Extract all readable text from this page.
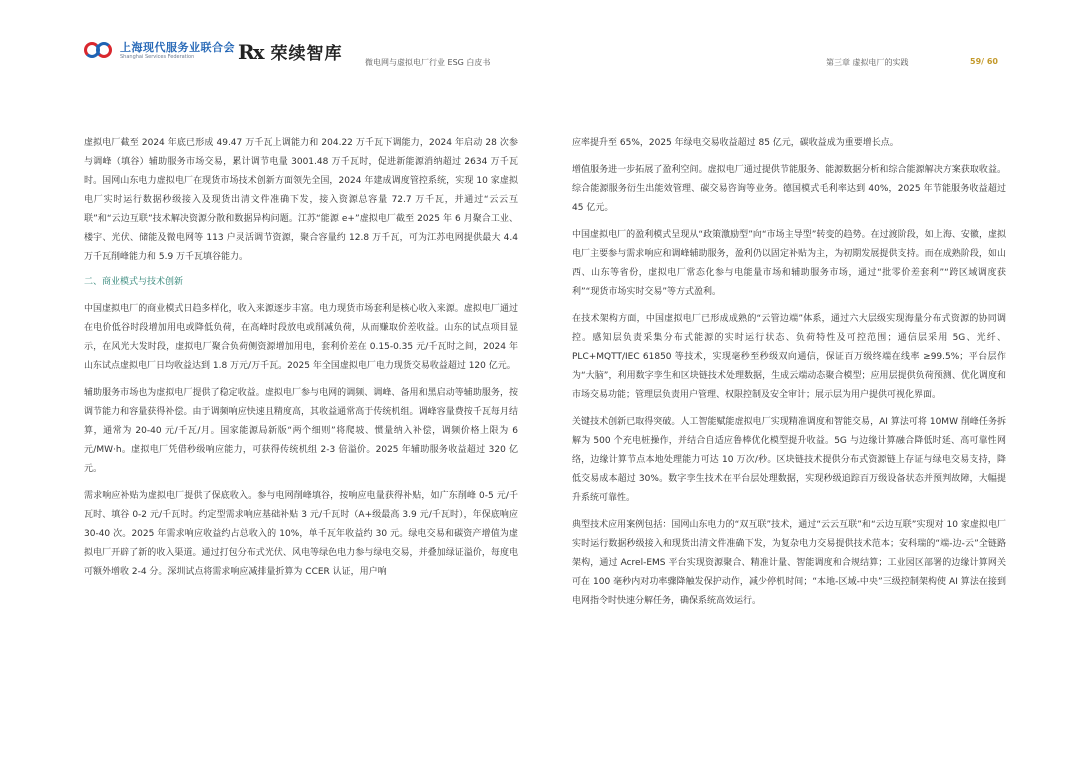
上海现代服务业联合会
Shanghai Services Federation	Rx 荣续智库	微电网与虚拟电厂行业 ESG 白皮书	第三章 虚拟电厂的实践	59/ 60

虚拟电厂截至 2024 年底已形成 49.47 万千瓦上调能力和 204.22 万千瓦下调能力，2024 年启动 28 次参与调峰（填谷）辅助服务市场交易，累计调节电量 3001.48 万千瓦时，促进新能源消纳超过 2634 万千瓦时。国网山东电力虚拟电厂在现货市场技术创新方面领先全国，2024 年建成调度管控系统，实现 10 家虚拟电厂实时运行数据秒级接入及现货出清文件准确下发，接入资源总容量 72.7 万千瓦，并通过“云云互联”和“云边互联”技术解决资源分散和数据异构问题。江苏“能源 e+”虚拟电厂截至 2025 年 6 月聚合工业、楼宇、光伏、储能及微电网等 113 户灵活调节资源，聚合容量约 12.8 万千瓦，可为江苏电网提供最大 4.4 万千瓦削峰能力和 5.9 万千瓦填谷能力。

二、商业模式与技术创新

中国虚拟电厂的商业模式日趋多样化，收入来源逐步丰富。电力现货市场套利是核心收入来源。虚拟电厂通过在电价低谷时段增加用电或降低负荷，在高峰时段放电或削减负荷，从而赚取价差收益。山东的试点项目显示，在风光大发时段，虚拟电厂聚合负荷侧资源增加用电，套利价差在 0.15-0.35 元/千瓦时之间，2024 年山东试点虚拟电厂日均收益达到 1.8 万元/万千瓦。2025 年全国虚拟电厂电力现货交易收益超过 120 亿元。

辅助服务市场也为虚拟电厂提供了稳定收益。虚拟电厂参与电网的调频、调峰、备用和黑启动等辅助服务，按调节能力和容量获得补偿。由于调频响应快速且精度高，其收益通常高于传统机组。调峰容量费按千瓦每月结算，通常为 20-40 元/千瓦/月。国家能源局新版“两个细则”将爬坡、惯量纳入补偿，调频价格上限为 6 元/MW·h。虚拟电厂凭借秒级响应能力，可获得传统机组 2-3 倍溢价。2025 年辅助服务收益超过 320 亿元。

需求响应补贴为虚拟电厂提供了保底收入。参与电网削峰填谷，按响应电量获得补贴，如广东削峰 0-5 元/千瓦时、填谷 0-2 元/千瓦时。约定型需求响应基础补贴 3 元/千瓦时（A+级最高 3.9 元/千瓦时），年保底响应 30-40 次。2025 年需求响应收益约占总收入的 10%，单千瓦年收益约 30 元。绿电交易和碳资产增值为虚拟电厂开辟了新的收入渠道。通过打包分布式光伏、风电等绿色电力参与绿电交易，并叠加绿证溢价，每度电可额外增收 2-4 分。深圳试点将需求响应减排量折算为 CCER 认证，用户响

应率提升至 65%，2025 年绿电交易收益超过 85 亿元，碳收益成为重要增长点。

增值服务进一步拓展了盈利空间。虚拟电厂通过提供节能服务、能源数据分析和综合能源解决方案获取收益。综合能源服务衍生出能效管理、碳交易咨询等业务。德国模式毛利率达到 40%，2025 年节能服务收益超过 45 亿元。

中国虚拟电厂的盈利模式呈现从“政策激励型”向“市场主导型”转变的趋势。在过渡阶段，如上海、安徽，虚拟电厂主要参与需求响应和调峰辅助服务，盈利仍以固定补贴为主，为初期发展提供支持。而在成熟阶段，如山西、山东等省份，虚拟电厂常态化参与电能量市场和辅助服务市场，通过“批零价差套利”“跨区域调度获利”“现货市场实时交易”等方式盈利。

在技术架构方面，中国虚拟电厂已形成成熟的“云管边端”体系，通过六大层级实现海量分布式资源的协同调控。感知层负责采集分布式能源的实时运行状态、负荷特性及可控范围；通信层采用 5G、光纤、PLC+MQTT/IEC 61850 等技术，实现毫秒至秒级双向通信，保证百万级终端在线率 ≥99.5%；平台层作为“大脑”，利用数字孪生和区块链技术处理数据，生成云端动态聚合模型；应用层提供负荷预测、优化调度和市场交易功能；管理层负责用户管理、权限控制及安全审计；展示层为用户提供可视化界面。

关键技术创新已取得突破。人工智能赋能虚拟电厂实现精准调度和智能交易，AI 算法可将 10MW 削峰任务拆解为 500 个充电桩操作，并结合自适应鲁棒优化模型提升收益。5G 与边缘计算融合降低时延、高可靠性网络，边缘计算节点本地处理能力可达 10 万次/秒。区块链技术提供分布式资源链上存证与绿电交易支持，降低交易成本超过 30%。数字孪生技术在平台层处理数据，实现秒级追踪百万级设备状态并预判故障，大幅提升系统可靠性。

典型技术应用案例包括：国网山东电力的“双互联”技术，通过“云云互联”和“云边互联”实现对 10 家虚拟电厂实时运行数据秒级接入和现货出清文件准确下发，为复杂电力交易提供技术范本；安科瑞的“端-边-云”全链路架构，通过 Acrel-EMS 平台实现资源聚合、精准计量、智能调度和合规结算；工业园区部署的边缘计算网关可在 100 毫秒内对功率骤降触发保护动作，减少停机时间；“本地-区域-中央”三级控制架构使 AI 算法在接到电网指令时快速分解任务，确保系统高效运行。
